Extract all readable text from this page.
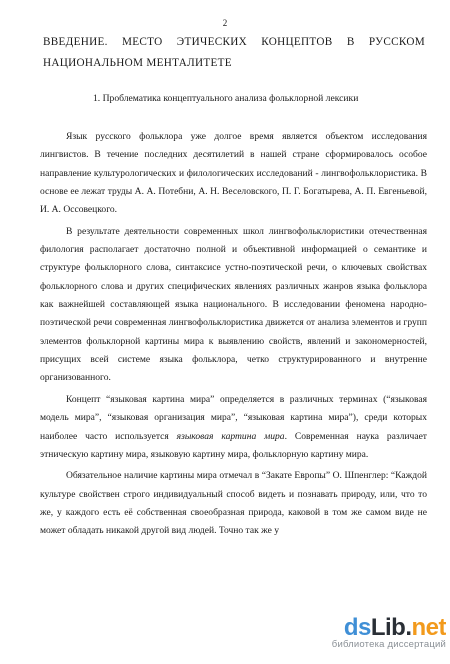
2
ВВЕДЕНИЕ. МЕСТО ЭТИЧЕСКИХ КОНЦЕПТОВ В РУССКОМ
НАЦИОНАЛЬНОМ МЕНТАЛИТЕТЕ
1. Проблематика концептуального анализа фольклорной лексики

Язык русского фольклора уже долгое время является объектом исследования лингвистов. В течение последних десятилетий в нашей стране сформировалось особое направление культурологических и филологических исследований - лингвофольклористика. В основе ее лежат труды А. А. Потебни, А. Н. Веселовского, П. Г. Богатырева, А. П. Евгеньевой, И. А. Оссовецкого.

В результате деятельности современных школ лингвофольклористики отечественная филология располагает достаточно полной и объективной информацией о семантике и структуре фольклорного слова, синтаксисе устно-поэтической речи, о ключевых свойствах фольклорного слова и других специфических явлениях различных жанров языка фольклора как важнейшей составляющей языка национального. В исследовании феномена народно-поэтической речи современная лингвофольклористика движется от анализа элементов и групп элементов фольклорной картины мира к выявлению свойств, явлений и закономерностей, присущих всей системе языка фольклора, четко структурированного и внутренне организованного.

Концепт “языковая картина мира” определяется в различных терминах (“языковая модель мира”, “языковая организация мира”, “языковая картина мира”), среди которых наиболее часто используется языковая картина мира. Современная наука различает этническую картину мира, языковую картину мира, фольклорную картину мира.

Обязательное наличие картины мира отмечал в “Закате Европы” О. Шпенглер: “Каждой культуре свойствен строго индивидуальный способ видеть и познавать природу, или, что то же, у каждого есть её собственная своеобразная природа, каковой в том же самом виде не может обладать никакой другой вид людей. Точно так же у

dsLib.net
библиотека диссертаций
